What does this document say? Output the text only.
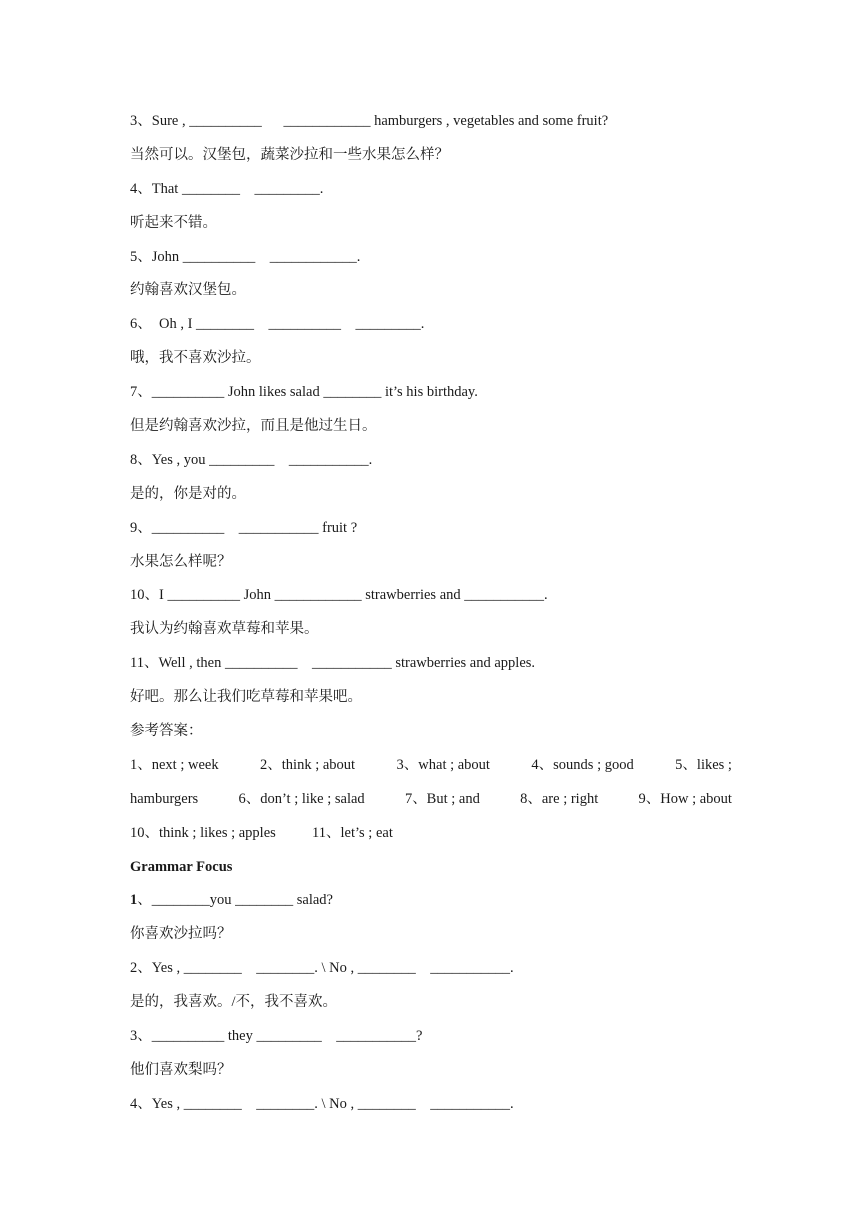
3、Sure , __________      ____________ hamburgers , vegetables and some fruit?
当然可以。汉堡包，蔬菜沙拉和一些水果怎么样？
4、That ________    _________.
听起来不错。
5、John __________    ____________.
约翰喜欢汉堡包。
6、  Oh , I ________    __________    _________.
哦，我不喜欢沙拉。
7、__________ John likes salad ________ it’s his birthday.
但是约翰喜欢沙拉，而且是他过生日。
8、Yes , you _________    ___________.
是的，你是对的。
9、__________    ___________ fruit ?
水果怎么样呢？
10、I __________ John ____________ strawberries and ___________.
我认为约翰喜欢草莓和苹果。
11、Well , then __________    ___________ strawberries and apples.
好吧。那么让我们吃草莓和苹果吧。
参考答案：
1、next ; week	2、think ; about	3、what ; about	4、sounds ; good	5、likes ;
hamburgers	6、don’t ; like ; salad	7、But ; and	8、are ; right	9、How ; about
10、think ; likes ; apples          11、let’s ; eat
Grammar Focus
1、________you ________ salad?
你喜欢沙拉吗？
2、Yes , ________    ________. \ No , ________    ___________.
是的，我喜欢。/不，我不喜欢。
3、__________ they _________    ___________?
他们喜欢梨吗？
4、Yes , ________    ________. \ No , ________    ___________.
